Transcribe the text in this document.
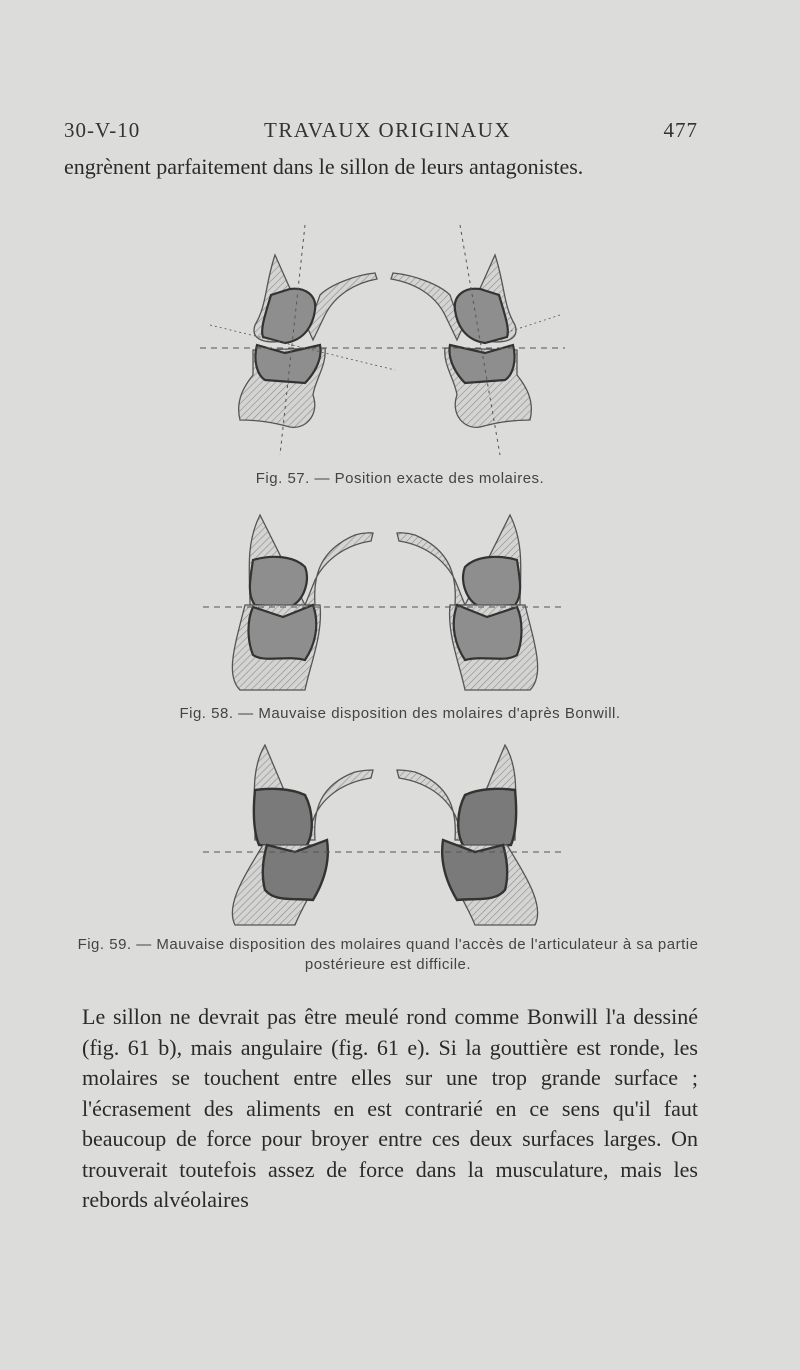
30-V-10	TRAVAUX ORIGINAUX	477

engrènent parfaitement dans le sillon de leurs antagonistes.

Fig. 57. — Position exacte des molaires.
Fig. 58. — Mauvaise disposition des molaires d'après Bonwill.
Fig. 59. — Mauvaise disposition des molaires quand l'accès de l'articulateur à sa partie postérieure est difficile.

Le sillon ne devrait pas être meulé rond comme Bonwill l'a dessiné (fig. 61 b), mais angulaire (fig. 61 e). Si la gouttière est ronde, les molaires se touchent entre elles sur une trop grande surface ; l'écrasement des aliments en est contrarié en ce sens qu'il faut beaucoup de force pour broyer entre ces deux surfaces larges. On trouverait toutefois assez de force dans la musculature, mais les rebords alvéolaires
